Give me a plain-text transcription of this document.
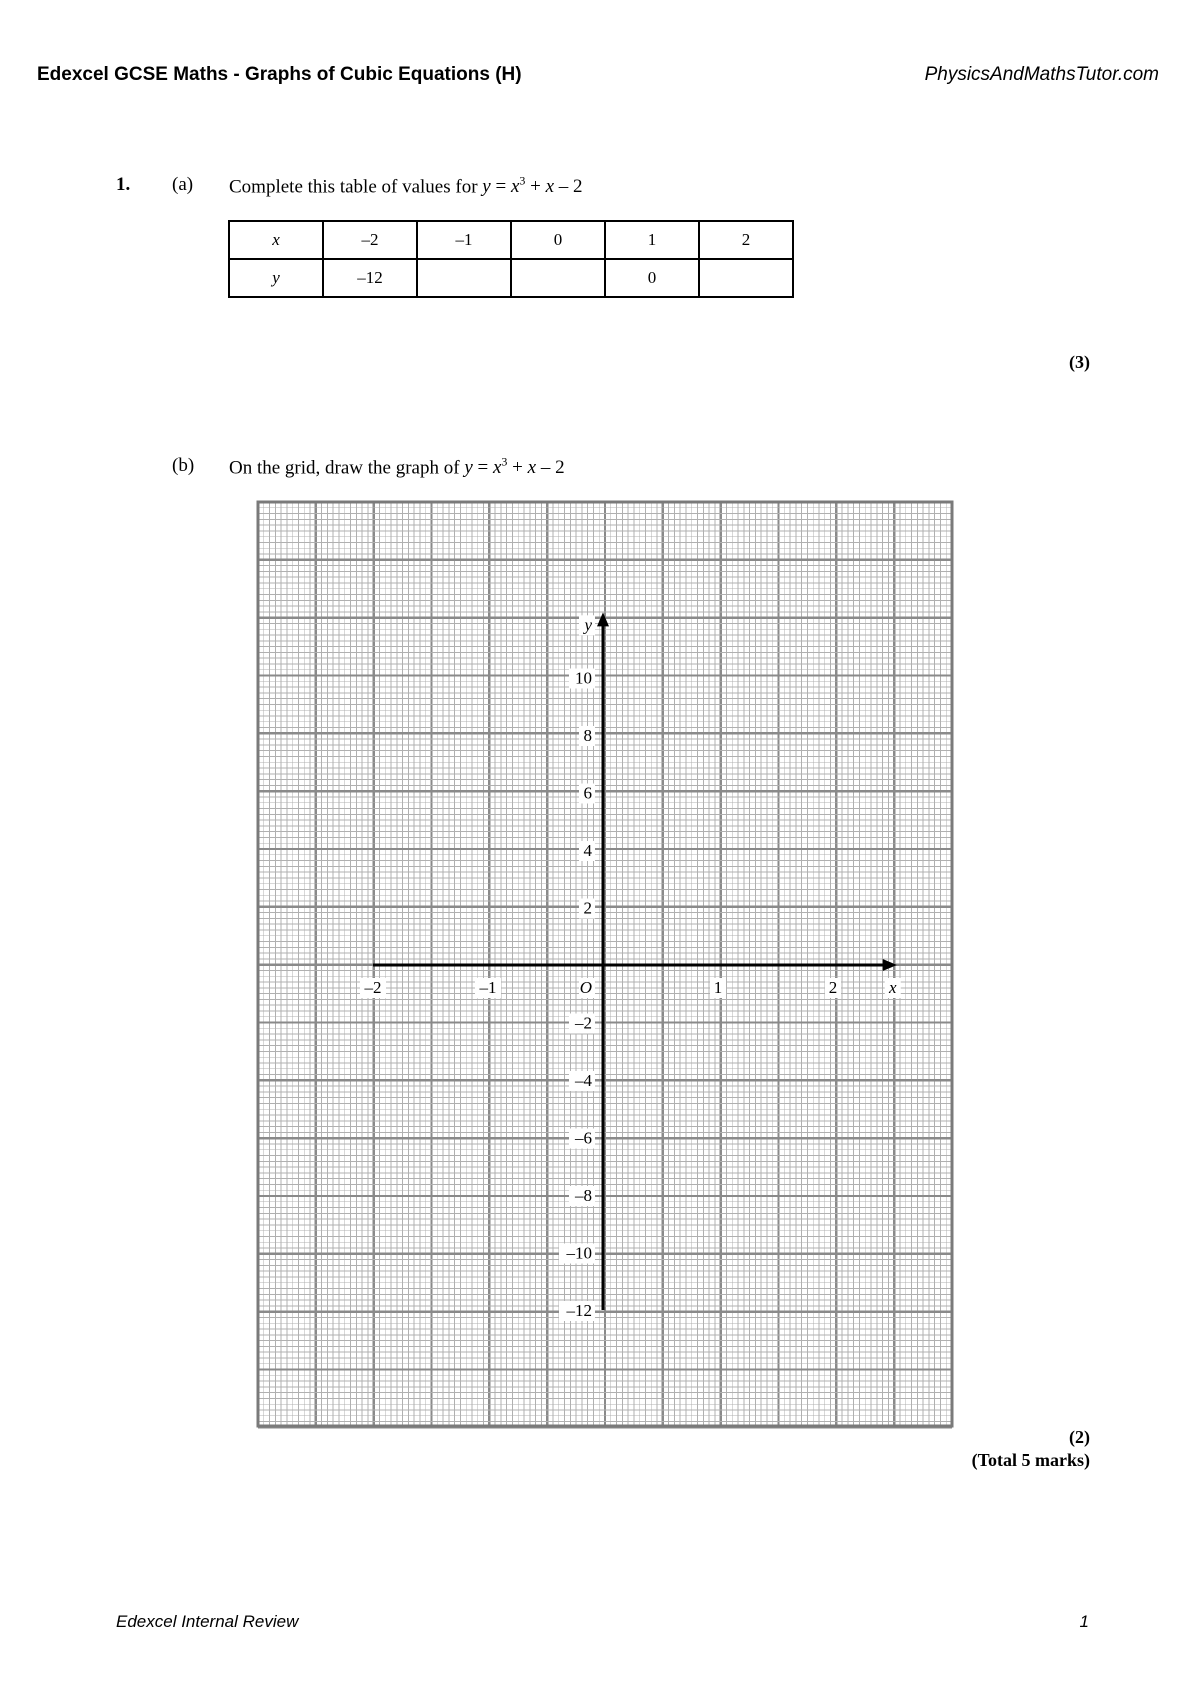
Edexcel GCSE Maths - Graphs of Cubic Equations (H)	PhysicsAndMathsTutor.com
1. (a) Complete this table of values for $y = x^3 + x - 2$
x	–2	–1	0	1	2
y	–12			0	
(3)
(b) On the grid, draw the graph of $y = x^3 + x - 2$
–2	–1	1	2
10
8
6
4
2
–2
–4
–6
–8
–10
–12
O	x
y
(2)
(Total 5 marks)
Edexcel Internal Review	1
